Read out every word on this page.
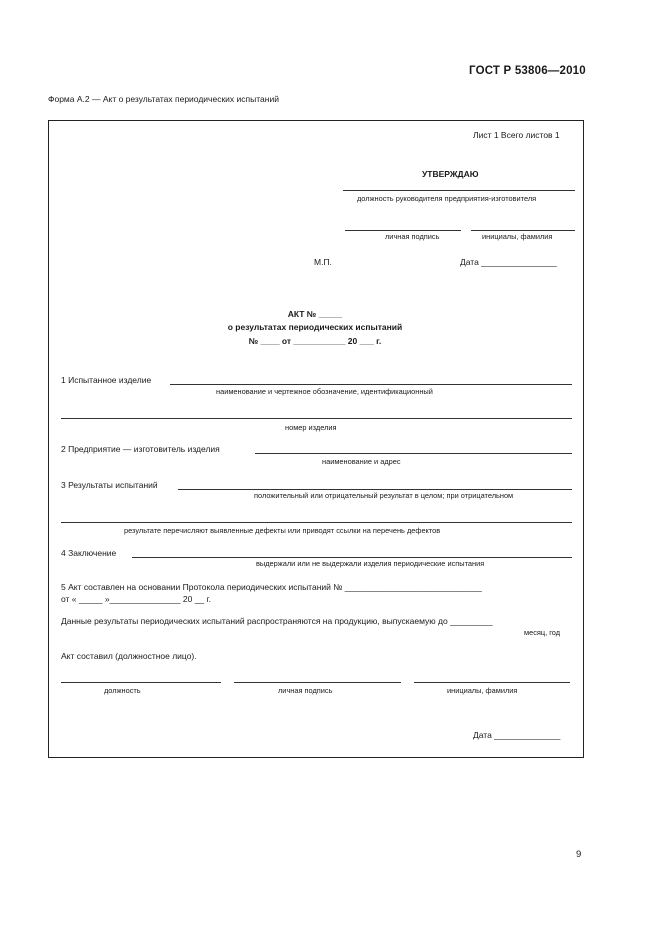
ГОСТ Р 53806—2010
Форма А.2 — Акт о результатах периодических испытаний
Лист 1 Всего листов 1
УТВЕРЖДАЮ
должность руководителя предприятия-изготовителя
личная подпись	инициалы, фамилия
М.П.	Дата ________________
АКТ № _____
о результатах периодических испытаний
№ ____ от ___________ 20 ___ г.
1 Испытанное изделие
наименование и чертежное обозначение, идентификационный
номер изделия
2 Предприятие — изготовитель изделия
наименование и адрес
3 Результаты испытаний
положительный или отрицательный результат в целом; при отрицательном
результате перечисляют выявленные дефекты или приводят ссылки на перечень дефектов
4 Заключение
выдержали или не выдержали изделия периодические испытания
5 Акт составлен на основании Протокола периодических испытаний № _____________________________
от « _____ »_______________ 20 __ г.
Данные результаты периодических испытаний распространяются на продукцию, выпускаемую до _________
месяц, год
Акт составил (должностное лицо).
должность	личная подпись	инициалы, фамилия
Дата ______________
9
